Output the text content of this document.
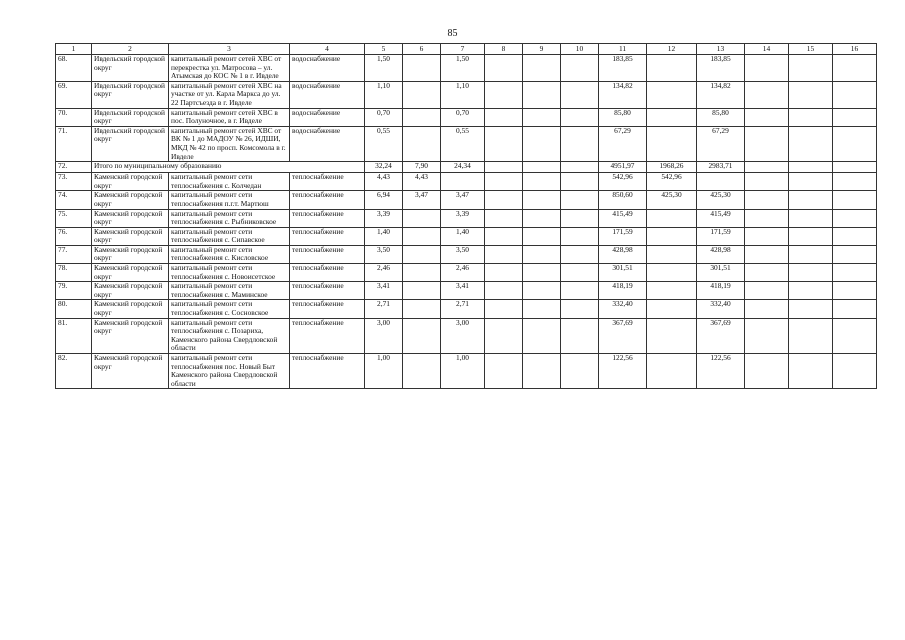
85
1	2	3	4	5	6	7	8	9	10	11	12	13	14	15	16
68.	Ивдельский городской округ	капитальный ремонт сетей ХВС от перекрестка ул. Матросова – ул. Атымская до КОС № 1 в г. Ивделе	водоснабжение	1,50		1,50				183,85		183,85			
69.	Ивдельский городской округ	капитальный ремонт сетей ХВС на участке от ул. Карла Маркса до ул. 22 Партсъезда в г. Ивделе	водоснабжение	1,10		1,10				134,82		134,82			
70.	Ивдельский городской округ	капитальный ремонт сетей ХВС в пос. Полуночное, в г. Ивделе	водоснабжение	0,70		0,70				85,80		85,80			
71.	Ивдельский городской округ	капитальный ремонт сетей ХВС от ВК № 1 до МАДОУ № 26, ИДШИ, МКД № 42 по просп. Комсомола в г. Ивделе	водоснабжение	0,55		0,55				67,29		67,29			
72.	Итого по муниципальному образованию			32,24	7,90	24,34				4951,97	1968,26	2983,71			
73.	Каменский городской округ	капитальный ремонт сети теплоснабжения с. Колчедан	теплоснабжение	4,43	4,43					542,96	542,96				
74.	Каменский городской округ	капитальный ремонт сети теплоснабжения п.г.т. Мартюш	теплоснабжение	6,94	3,47	3,47				850,60	425,30	425,30			
75.	Каменский городской округ	капитальный ремонт сети теплоснабжения с. Рыбниковское	теплоснабжение	3,39		3,39				415,49		415,49			
76.	Каменский городской округ	капитальный ремонт сети теплоснабжения с. Сипавское	теплоснабжение	1,40		1,40				171,59		171,59			
77.	Каменский городской округ	капитальный ремонт сети теплоснабжения с. Кисловское	теплоснабжение	3,50		3,50				428,98		428,98			
78.	Каменский городской округ	капитальный ремонт сети теплоснабжения с. Новоисетское	теплоснабжение	2,46		2,46				301,51		301,51			
79.	Каменский городской округ	капитальный ремонт сети теплоснабжения с. Маминское	теплоснабжение	3,41		3,41				418,19		418,19			
80.	Каменский городской округ	капитальный ремонт сети теплоснабжения с. Сосновское	теплоснабжение	2,71		2,71				332,40		332,40			
81.	Каменский городской округ	капитальный ремонт сети теплоснабжения с. Позариха, Каменского района Свердловской области	теплоснабжение	3,00		3,00				367,69		367,69			
82.	Каменский городской округ	капитальный ремонт сети теплоснабжения пос. Новый Быт Каменского района Свердловской области	теплоснабжение	1,00		1,00				122,56		122,56			
